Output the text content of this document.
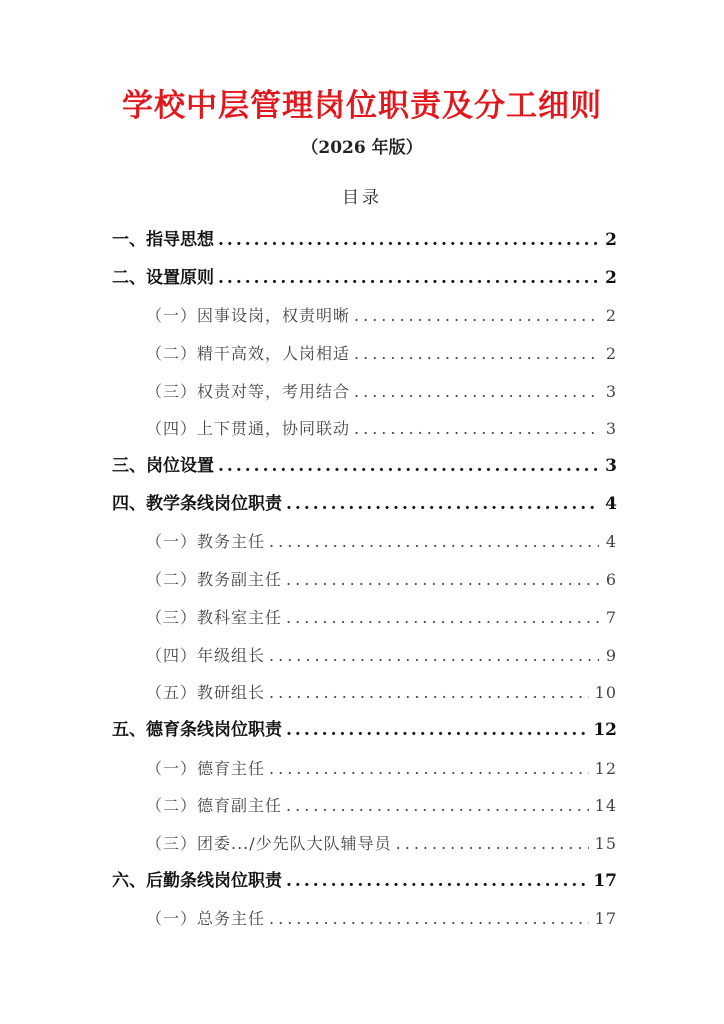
学校中层管理岗位职责及分工细则
（2026 年版）
目录
一、指导思想 .....	2
二、设置原则 .....	2
（一）因事设岗，权责明晰 .....	2
（二）精干高效，人岗相适 .....	2
（三）权责对等，考用结合 .....	3
（四）上下贯通，协同联动 .....	3
三、岗位设置 .....	3
四、教学条线岗位职责 .....	4
（一）教务主任 .....	4
（二）教务副主任 .....	6
（三）教科室主任 .....	7
（四）年级组长 .....	9
（五）教研组长 .....	10
五、德育条线岗位职责 .....	12
（一）德育主任 .....	12
（二）德育副主任 .....	14
（三）团委.../少先队大队辅导员 .....	15
六、后勤条线岗位职责 .....	17
（一）总务主任 .....	17
